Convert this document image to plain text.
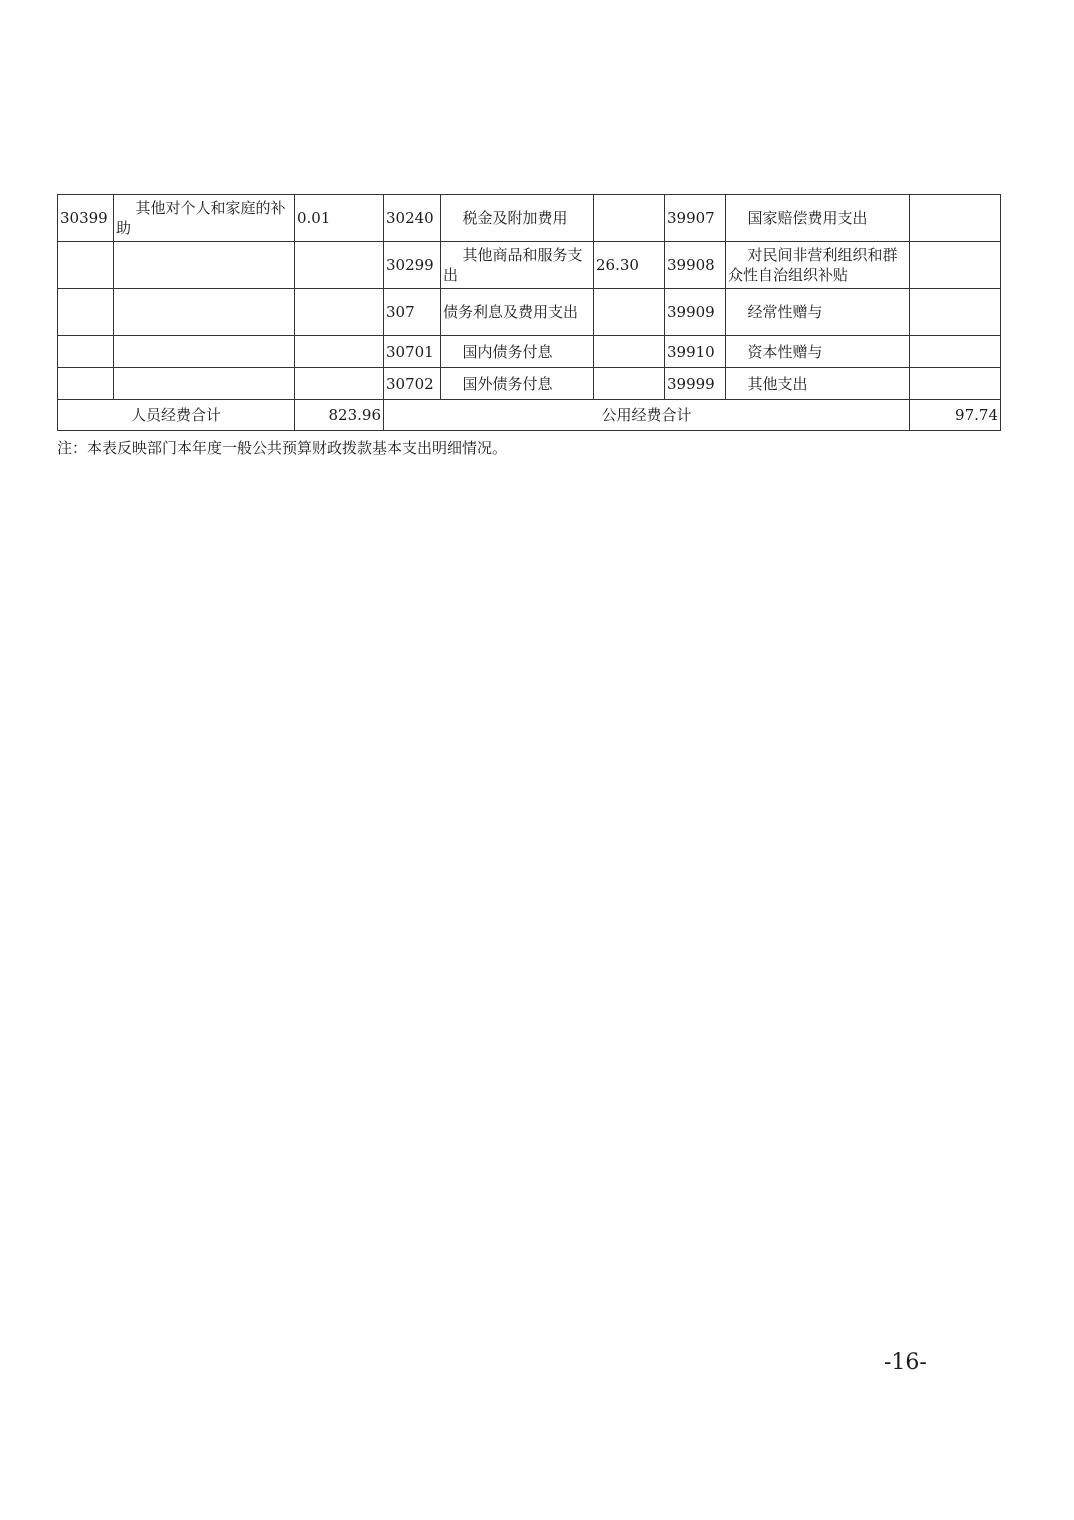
30399	其他对个人和家庭的补助	0.01	30240	税金及附加费用		39907	国家赔偿费用支出	
			30299	其他商品和服务支出	26.30	39908	对民间非营利组织和群众性自治组织补贴	
			307	债务利息及费用支出		39909	经常性赠与	
			30701	国内债务付息		39910	资本性赠与	
			30702	国外债务付息		39999	其他支出	
人员经费合计		823.96	公用经费合计					97.74
注：本表反映部门本年度一般公共预算财政拨款基本支出明细情况。
-16-
